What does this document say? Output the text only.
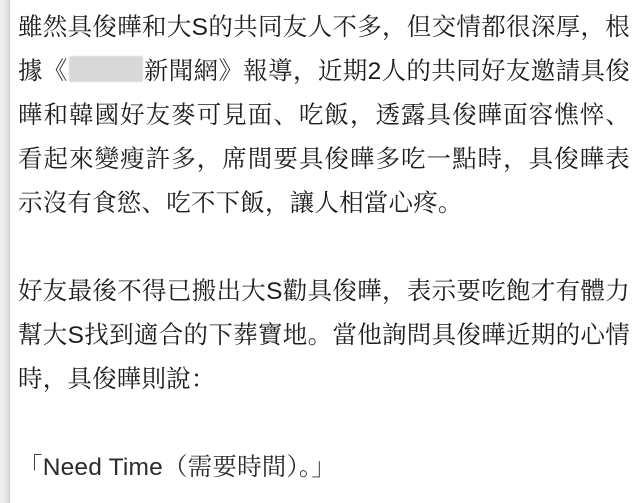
雖然具俊曄和大S的共同友人不多，但交情都很深厚，根據《	新聞網》報導，近期2人的共同好友邀請具俊曄和韓國好友麥可見面、吃飯，透露具俊曄面容憔悴、看起來變瘦許多，席間要具俊曄多吃一點時，具俊曄表示沒有食慾、吃不下飯，讓人相當心疼。

好友最後不得已搬出大S勸具俊曄，表示要吃飽才有體力幫大S找到適合的下葬寶地。當他詢問具俊曄近期的心情時，具俊曄則說：

「Need Time（需要時間）。」
